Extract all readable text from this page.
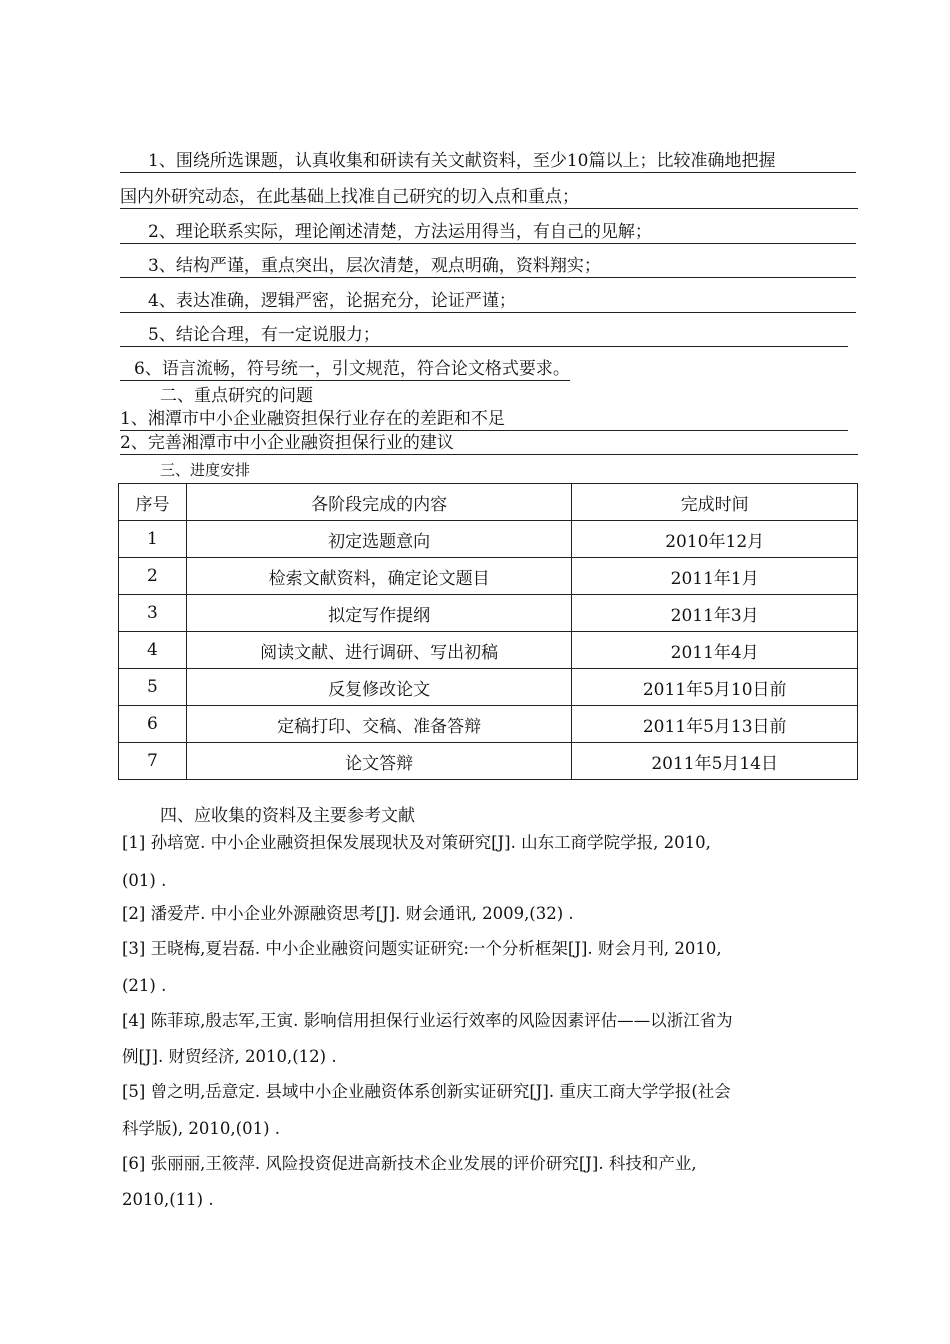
1、围绕所选课题，认真收集和研读有关文献资料，至少10篇以上；比较准确地把握
国内外研究动态，在此基础上找准自己研究的切入点和重点；
2、理论联系实际，理论阐述清楚，方法运用得当，有自己的见解；
3、结构严谨，重点突出，层次清楚，观点明确，资料翔实；
4、表达准确，逻辑严密，论据充分，论证严谨；
5、结论合理，有一定说服力；
6、语言流畅，符号统一，引文规范，符合论文格式要求。
二、重点研究的问题
1、湘潭市中小企业融资担保行业存在的差距和不足
2、完善湘潭市中小企业融资担保行业的建议
三、进度安排
序号	各阶段完成的内容	完成时间
1	初定选题意向	2010年12月
2	检索文献资料，确定论文题目	2011年1月
3	拟定写作提纲	2011年3月
4	阅读文献、进行调研、写出初稿	2011年4月
5	反复修改论文	2011年5月10日前
6	定稿打印、交稿、准备答辩	2011年5月13日前
7	论文答辩	2011年5月14日
四、应收集的资料及主要参考文献
[1] 孙培宽. 中小企业融资担保发展现状及对策研究[J]. 山东工商学院学报, 2010,
(01) .
[2] 潘爱芹. 中小企业外源融资思考[J]. 财会通讯, 2009,(32) .
[3] 王晓梅,夏岩磊. 中小企业融资问题实证研究:一个分析框架[J]. 财会月刊, 2010,
(21) .
[4] 陈菲琼,殷志军,王寅. 影响信用担保行业运行效率的风险因素评估——以浙江省为
例[J]. 财贸经济, 2010,(12) .
[5] 曾之明,岳意定. 县域中小企业融资体系创新实证研究[J]. 重庆工商大学学报(社会
科学版), 2010,(01) .
[6] 张丽丽,王筱萍. 风险投资促进高新技术企业发展的评价研究[J]. 科技和产业,
2010,(11) .
